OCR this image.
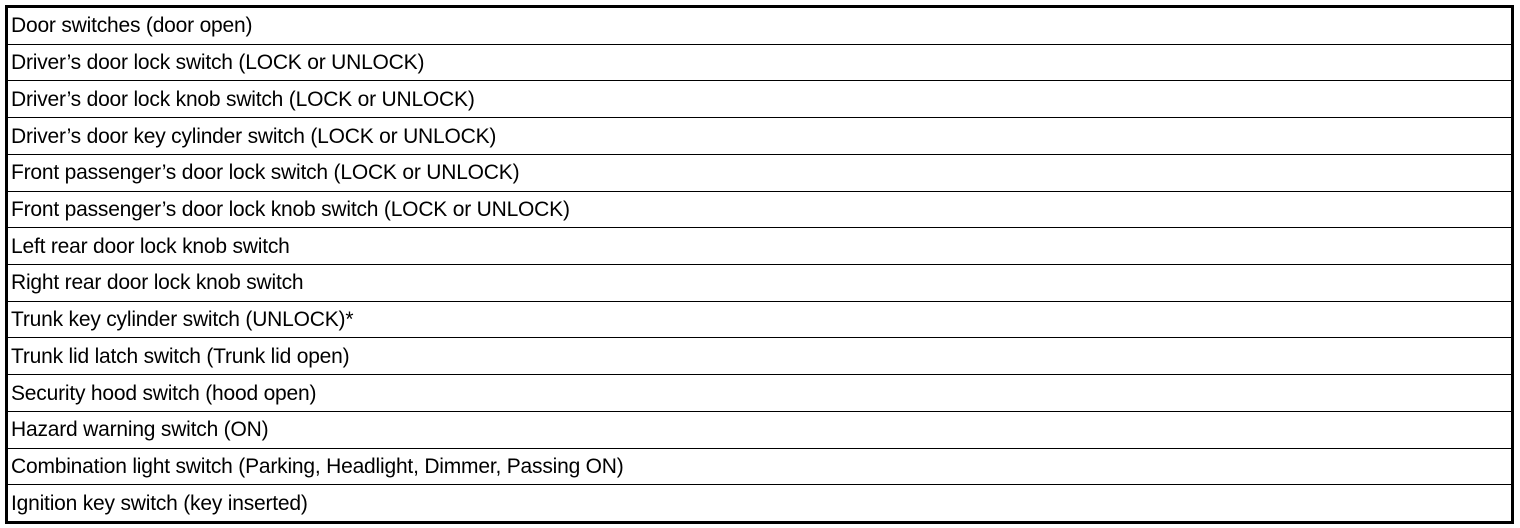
Door switches (door open)
Driver’s door lock switch (LOCK or UNLOCK)
Driver’s door lock knob switch (LOCK or UNLOCK)
Driver’s door key cylinder switch (LOCK or UNLOCK)
Front passenger’s door lock switch (LOCK or UNLOCK)
Front passenger’s door lock knob switch (LOCK or UNLOCK)
Left rear door lock knob switch
Right rear door lock knob switch
Trunk key cylinder switch (UNLOCK)*
Trunk lid latch switch (Trunk lid open)
Security hood switch (hood open)
Hazard warning switch (ON)
Combination light switch (Parking, Headlight, Dimmer, Passing ON)
Ignition key switch (key inserted)
